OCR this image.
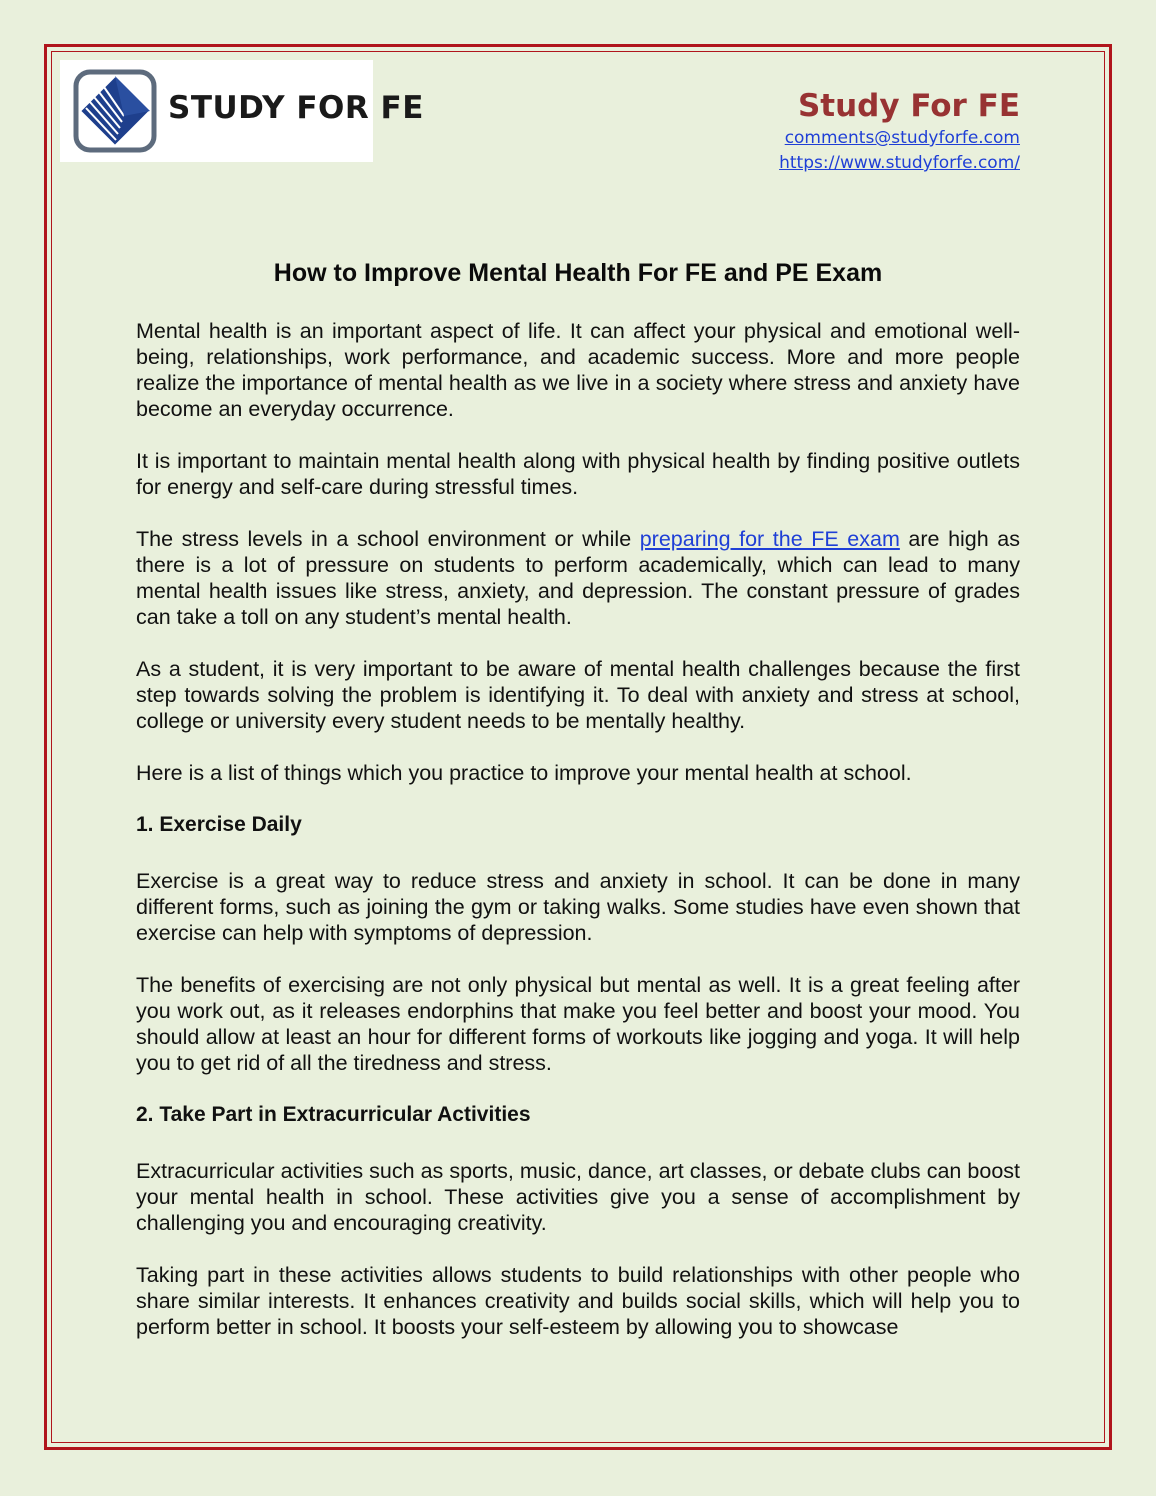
STUDY FOR FE	Study For FE
comments@studyforfe.com
https://www.studyforfe.com/
How to Improve Mental Health For FE and PE Exam

Mental health is an important aspect of life. It can affect your physical and emotional well-being, relationships, work performance, and academic success. More and more people realize the importance of mental health as we live in a society where stress and anxiety have become an everyday occurrence.

It is important to maintain mental health along with physical health by finding positive outlets for energy and self-care during stressful times.

The stress levels in a school environment or while preparing for the FE exam are high as there is a lot of pressure on students to perform academically, which can lead to many mental health issues like stress, anxiety, and depression. The constant pressure of grades can take a toll on any student’s mental health.

As a student, it is very important to be aware of mental health challenges because the first step towards solving the problem is identifying it. To deal with anxiety and stress at school, college or university every student needs to be mentally healthy.

Here is a list of things which you practice to improve your mental health at school.

1. Exercise Daily

Exercise is a great way to reduce stress and anxiety in school. It can be done in many different forms, such as joining the gym or taking walks. Some studies have even shown that exercise can help with symptoms of depression.

The benefits of exercising are not only physical but mental as well. It is a great feeling after you work out, as it releases endorphins that make you feel better and boost your mood. You should allow at least an hour for different forms of workouts like jogging and yoga. It will help you to get rid of all the tiredness and stress.

2. Take Part in Extracurricular Activities

Extracurricular activities such as sports, music, dance, art classes, or debate clubs can boost your mental health in school. These activities give you a sense of accomplishment by challenging you and encouraging creativity.

Taking part in these activities allows students to build relationships with other people who share similar interests. It enhances creativity and builds social skills, which will help you to perform better in school. It boosts your self-esteem by allowing you to showcase
